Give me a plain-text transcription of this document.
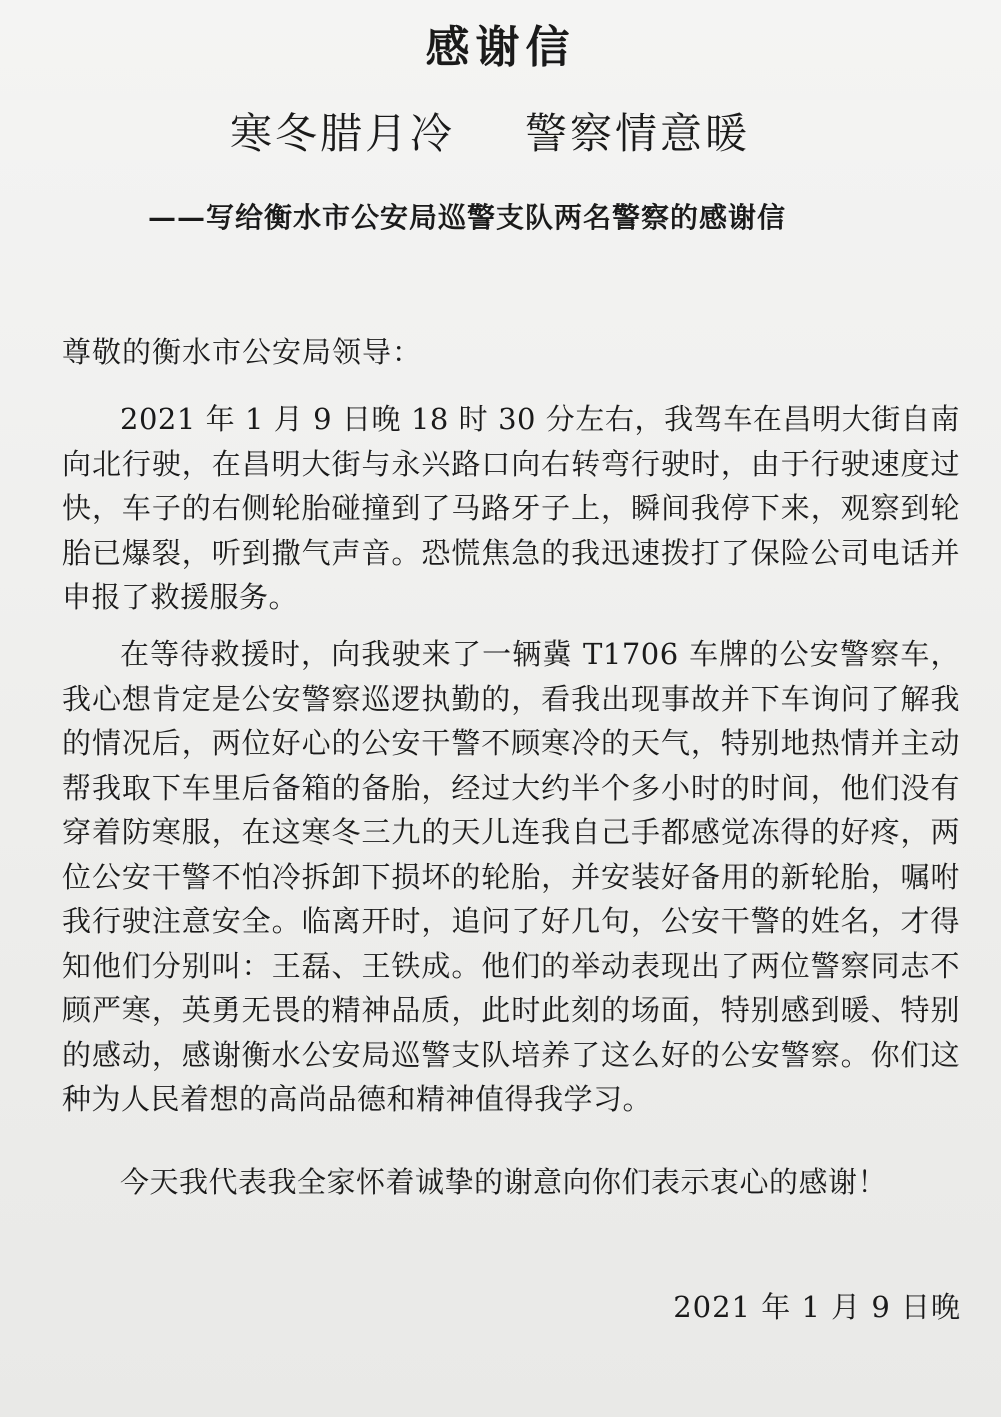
感谢信
寒冬腊月冷 警察情意暖
——写给衡水市公安局巡警支队两名警察的感谢信
尊敬的衡水市公安局领导：

2021 年 1 月 9 日晚 18 时 30 分左右，我驾车在昌明大街自南向北行驶，在昌明大街与永兴路口向右转弯行驶时，由于行驶速度过快，车子的右侧轮胎碰撞到了马路牙子上，瞬间我停下来，观察到轮胎已爆裂，听到撒气声音。恐慌焦急的我迅速拨打了保险公司电话并申报了救援服务。

在等待救援时，向我驶来了一辆冀 T1706 车牌的公安警察车，我心想肯定是公安警察巡逻执勤的，看我出现事故并下车询问了解我的情况后，两位好心的公安干警不顾寒冷的天气，特别地热情并主动帮我取下车里后备箱的备胎，经过大约半个多小时的时间，他们没有穿着防寒服，在这寒冬三九的天儿连我自己手都感觉冻得的好疼，两位公安干警不怕冷拆卸下损坏的轮胎，并安装好备用的新轮胎，嘱咐我行驶注意安全。临离开时，追问了好几句，公安干警的姓名，才得知他们分别叫：王磊、王铁成。他们的举动表现出了两位警察同志不顾严寒，英勇无畏的精神品质，此时此刻的场面，特别感到暖、特别的感动，感谢衡水公安局巡警支队培养了这么好的公安警察。你们这种为人民着想的高尚品德和精神值得我学习。

今天我代表我全家怀着诚挚的谢意向你们表示衷心的感谢！

2021 年 1 月 9 日晚
